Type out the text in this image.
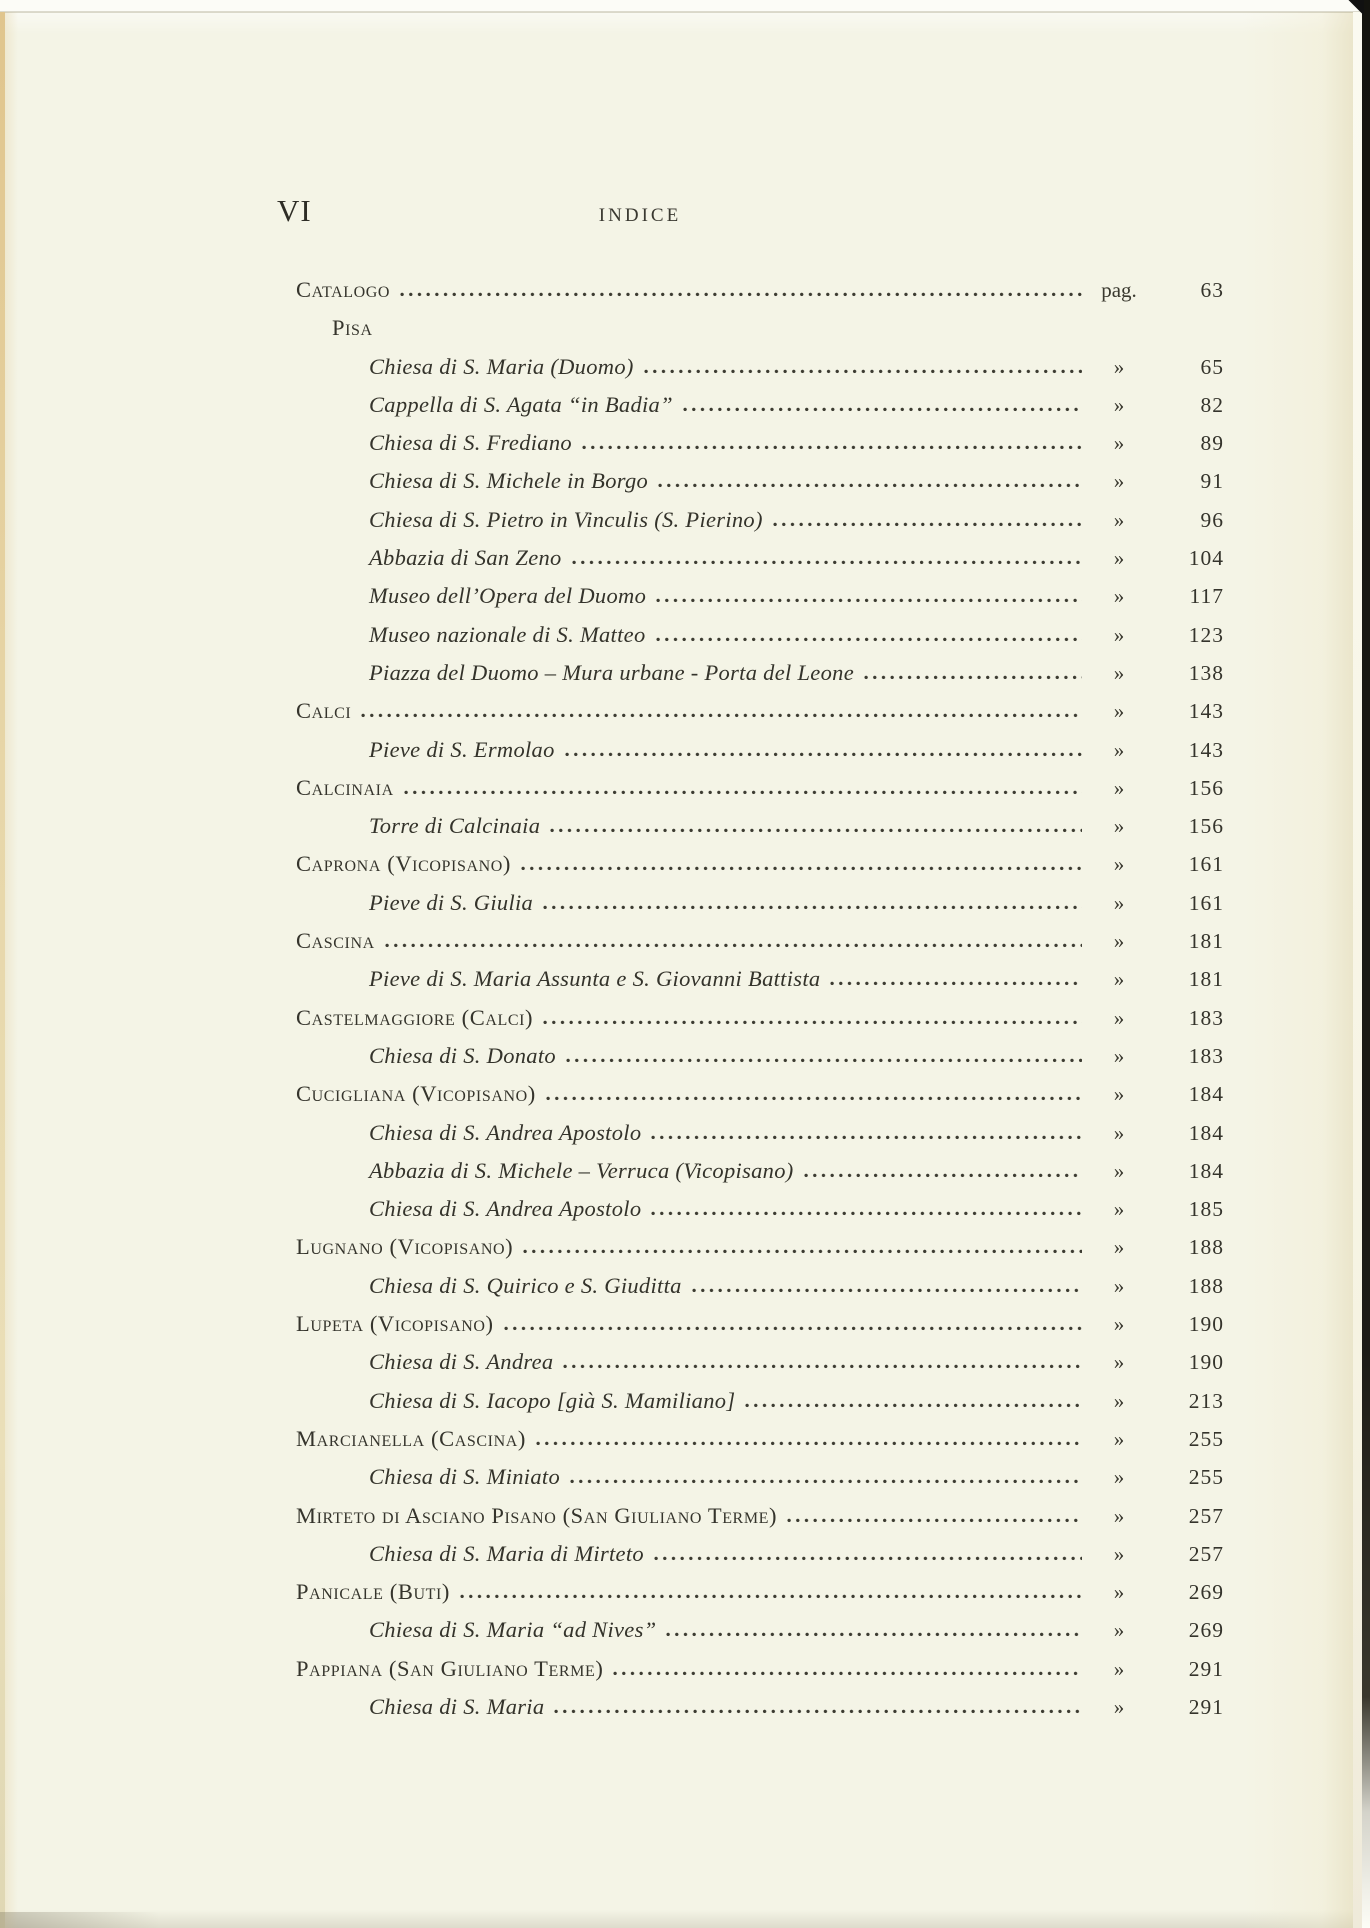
VI	INDICE
Catalogo	pag.	63
Pisa
Chiesa di S. Maria (Duomo)	»	65
Cappella di S. Agata “in Badia”	»	82
Chiesa di S. Frediano	»	89
Chiesa di S. Michele in Borgo	»	91
Chiesa di S. Pietro in Vinculis (S. Pierino)	»	96
Abbazia di San Zeno	»	104
Museo dell’Opera del Duomo	»	117
Museo nazionale di S. Matteo	»	123
Piazza del Duomo – Mura urbane - Porta del Leone	»	138
Calci	»	143
Pieve di S. Ermolao	»	143
Calcinaia	»	156
Torre di Calcinaia	»	156
Caprona (Vicopisano)	»	161
Pieve di S. Giulia	»	161
Cascina	»	181
Pieve di S. Maria Assunta e S. Giovanni Battista	»	181
Castelmaggiore (Calci)	»	183
Chiesa di S. Donato	»	183
Cucigliana (Vicopisano)	»	184
Chiesa di S. Andrea Apostolo	»	184
Abbazia di S. Michele – Verruca (Vicopisano)	»	184
Chiesa di S. Andrea Apostolo	»	185
Lugnano (Vicopisano)	»	188
Chiesa di S. Quirico e S. Giuditta	»	188
Lupeta (Vicopisano)	»	190
Chiesa di S. Andrea	»	190
Chiesa di S. Iacopo [già S. Mamiliano]	»	213
Marcianella (Cascina)	»	255
Chiesa di S. Miniato	»	255
Mirteto di Asciano Pisano (San Giuliano Terme)	»	257
Chiesa di S. Maria di Mirteto	»	257
Panicale (Buti)	»	269
Chiesa di S. Maria “ad Nives”	»	269
Pappiana (San Giuliano Terme)	»	291
Chiesa di S. Maria	»	291
